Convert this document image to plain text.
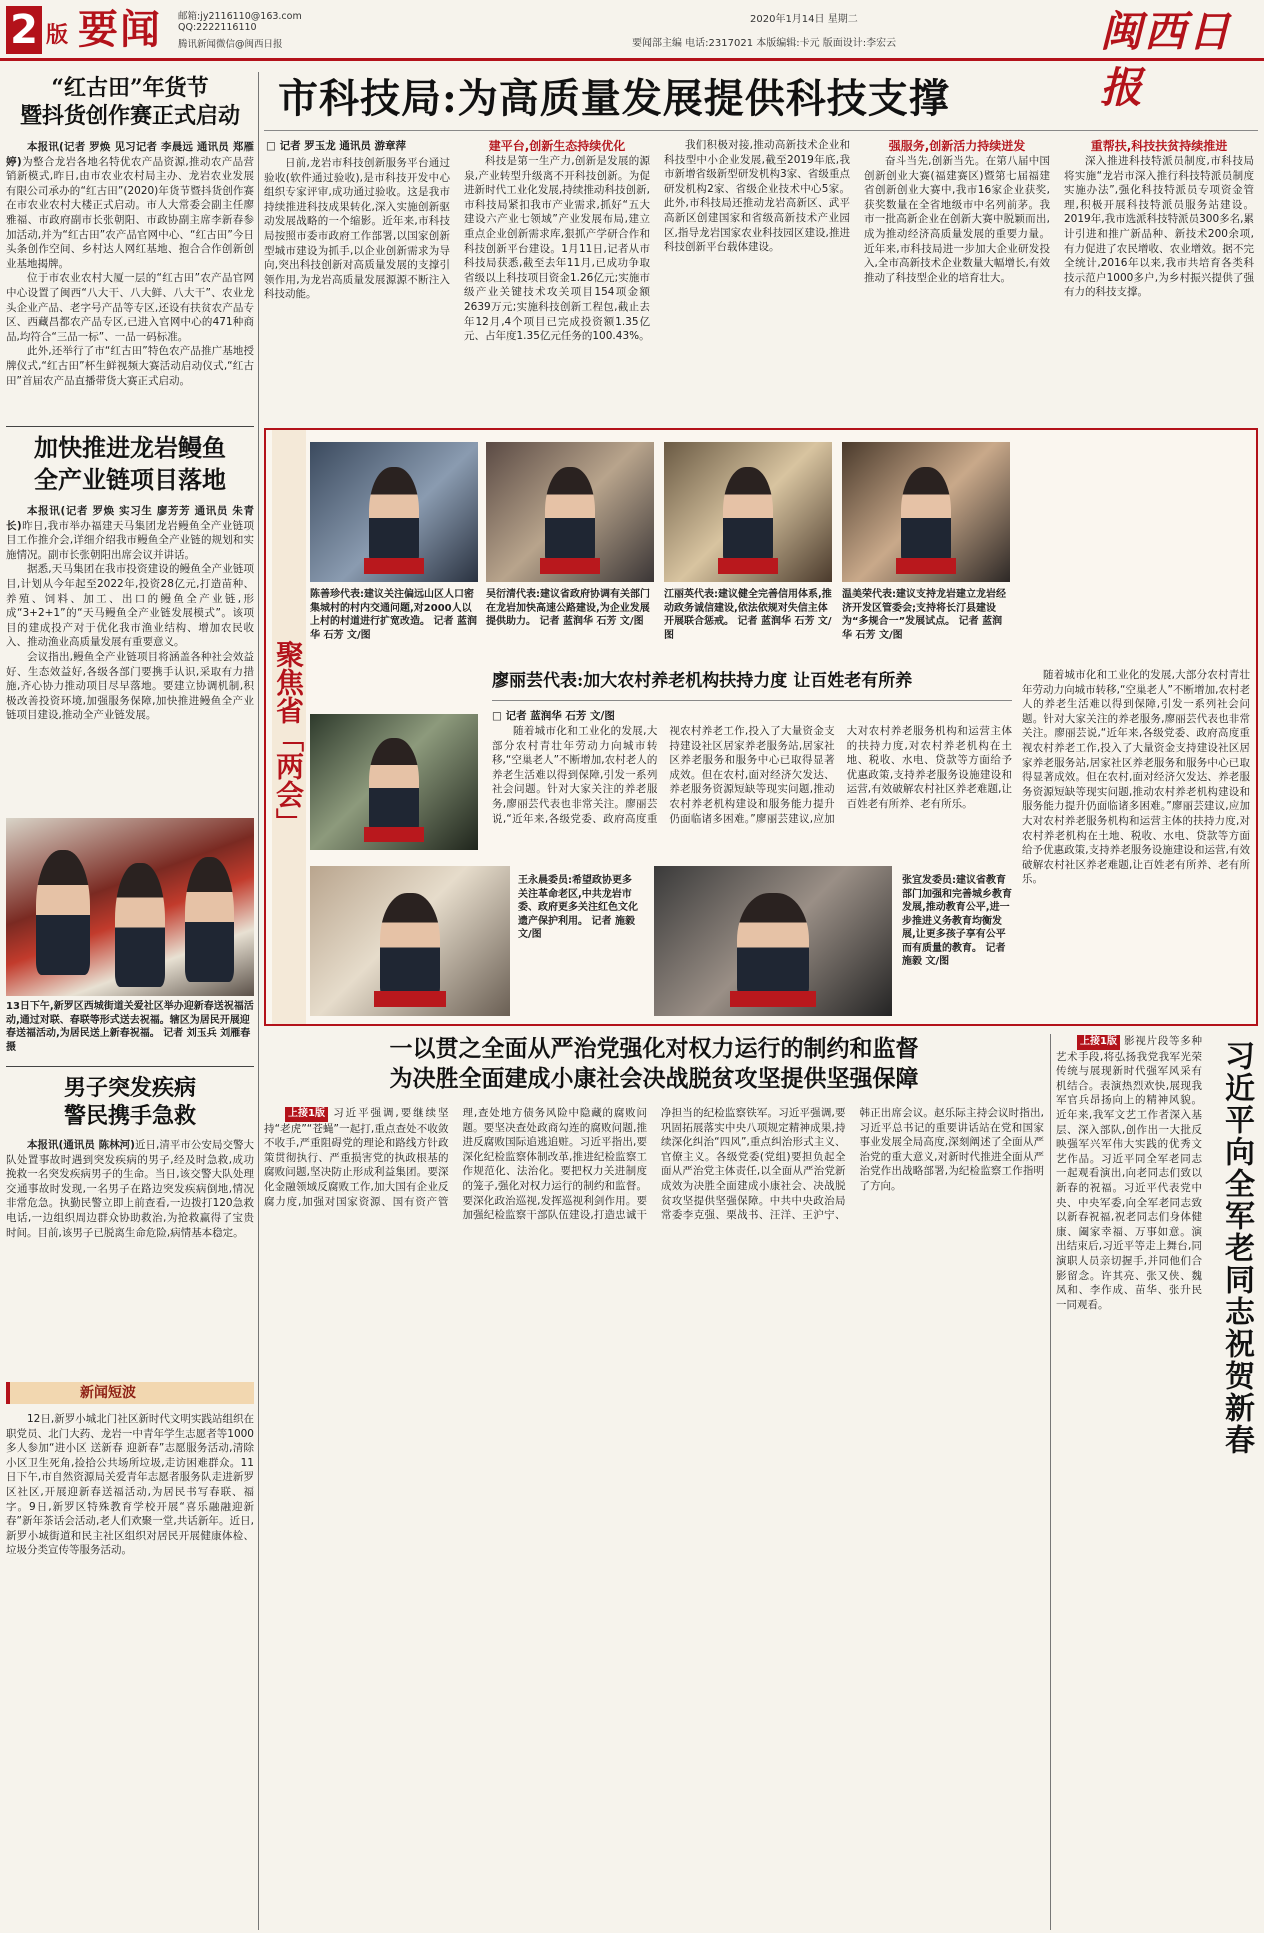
2 版 要闻 邮箱:jy2116110@163.com
QQ:2222116110
腾讯新闻微信@闽西日报
2020年1月14日 星期二
要闻部主编 电话:2317021 本版编辑:卡元 版面设计:李宏云	闽西日报
“红古田”年货节
暨抖货创作赛正式启动
本报讯(记者 罗焕 见习记者 李晨远 通讯员 郑雁婷)为整合龙岩各地名特优农产品资源,推动农产品营销新模式,昨日,由市农业农村局主办、龙岩农业发展有限公司承办的“红古田”(2020)年货节暨抖货创作赛在市农业农村大楼正式启动。市人大常委会副主任廖雅福、市政府副市长张朝阳、市政协副主席李新春参加活动,并为“红古田”农产品官网中心、“红古田”今日头条创作空间、乡村达人网红基地、抱合合作创新创业基地揭牌。

位于市农业农村大厦一层的“红古田”农产品官网中心设置了闽西“八大干、八大鲜、八大干”、农业龙头企业产品、老字号产品等专区,还设有扶贫农产品专区、西藏昌都农产品专区,已进入官网中心的471种商品,均符合“三品一标”、一品一码标准。

此外,还举行了市“红古田”特色农产品推广基地授牌仪式,“红古田”杯生鲜视频大赛活动启动仪式,“红古田”首届农产品直播带货大赛正式启动。

加快推进龙岩鳗鱼
全产业链项目落地
本报讯(记者 罗焕 实习生 廖芳芳 通讯员 朱青长)昨日,我市举办福建天马集团龙岩鳗鱼全产业链项目工作推介会,详细介绍我市鳗鱼全产业链的规划和实施情况。副市长张朝阳出席会议并讲话。

据悉,天马集团在我市投资建设的鳗鱼全产业链项目,计划从今年起至2022年,投资28亿元,打造苗种、养殖、饲料、加工、出口的鳗鱼全产业链,形成“3+2+1”的“天马鳗鱼全产业链发展模式”。该项目的建成投产对于优化我市渔业结构、增加农民收入、推动渔业高质量发展有重要意义。

会议指出,鳗鱼全产业链项目将涵盖各种社会效益好、生态效益好,各级各部门要携手认识,采取有力措施,齐心协力推动项目尽早落地。要建立协调机制,积极改善投资环境,加强服务保障,加快推进鳗鱼全产业链项目建设,推动全产业链发展。

13日下午,新罗区西城街道关爱社区举办迎新春送祝福活动,通过对联、春联等形式送去祝福。辖区为居民开展迎春送福活动,为居民送上新春祝福。 记者 刘玉兵 刘雁春 摄
男子突发疾病
警民携手急救
本报讯(通讯员 陈林河)近日,清平市公安局交警大队处置事故时遇到突发疾病的男子,经及时急救,成功挽救一名突发疾病男子的生命。当日,该交警大队处理交通事故时发现,一名男子在路边突发疾病倒地,情况非常危急。执勤民警立即上前查看,一边拨打120急救电话,一边组织周边群众协助救治,为抢救赢得了宝贵时间。目前,该男子已脱离生命危险,病情基本稳定。
新闻短波
12日,新罗小城北门社区新时代文明实践站组织在职党员、北门大药、龙岩一中青年学生志愿者等1000多人参加“进小区 送新春 迎新春”志愿服务活动,清除小区卫生死角,捡拾公共场所垃圾,走访困难群众。11日下午,市自然资源局关爱青年志愿者服务队走进新罗区社区,开展迎新春送福活动,为居民书写春联、福字。9日,新罗区特殊教育学校开展“喜乐融融迎新春”新年茶话会活动,老人们欢聚一堂,共话新年。近日,新罗小城街道和民主社区组织对居民开展健康体检、垃圾分类宣传等服务活动。
市科技局:为高质量发展提供科技支撑
□ 记者 罗玉龙 通讯员 游章萍

日前,龙岩市科技创新服务平台通过验收(软件通过验收),是市科技开发中心组织专家评审,成功通过验收。这是我市持续推进科技成果转化,深入实施创新驱动发展战略的一个缩影。近年来,市科技局按照市委市政府工作部署,以国家创新型城市建设为抓手,以企业创新需求为导向,突出科技创新对高质量发展的支撑引领作用,为龙岩高质量发展源源不断注入科技动能。

建平台,创新生态持续优化

科技是第一生产力,创新是发展的源泉,产业转型升级离不开科技创新。为促进新时代工业化发展,持续推动科技创新,市科技局紧扣我市产业需求,抓好“五大建设六产业七领域”产业发展布局,建立重点企业创新需求库,狠抓产学研合作和科技创新平台建设。1月11日,记者从市科技局获悉,截至去年11月,已成功争取省级以上科技项目资金1.26亿元;实施市级产业关键技术攻关项目154项金额2639万元;实施科技创新工程包,截止去年12月,4个项目已完成投资额1.35亿元、占年度1.35亿元任务的100.43%。

我们积极对接,推动高新技术企业和科技型中小企业发展,截至2019年底,我市新增省级新型研发机构3家、省级重点研发机构2家、省级企业技术中心5家。此外,市科技局还推动龙岩高新区、武平高新区创建国家和省级高新技术产业园区,指导龙岩国家农业科技园区建设,推进科技创新平台载体建设。

强服务,创新活力持续迸发

奋斗当先,创新当先。在第八届中国创新创业大赛(福建赛区)暨第七届福建省创新创业大赛中,我市16家企业获奖,获奖数量在全省地级市中名列前茅。我市一批高新企业在创新大赛中脱颖而出,成为推动经济高质量发展的重要力量。近年来,市科技局进一步加大企业研发投入,全市高新技术企业数量大幅增长,有效推动了科技型企业的培育壮大。

重帮扶,科技扶贫持续推进

深入推进科技特派员制度,市科技局将实施“龙岩市深入推行科技特派员制度实施办法”,强化科技特派员专项资金管理,积极开展科技特派员服务站建设。2019年,我市选派科技特派员300多名,累计引进和推广新品种、新技术200余项,有力促进了农民增收、农业增效。据不完全统计,2016年以来,我市共培育各类科技示范户1000多户,为乡村振兴提供了强有力的科技支撑。

聚焦省「两会」
陈善珍代表:建议关注偏远山区人口密集城村的村内交通问题,对2000人以上村的村道进行扩宽改造。 记者 蓝润华 石芳 文/图
吴衍清代表:建议省政府协调有关部门在龙岩加快高速公路建设,为企业发展提供助力。 记者 蓝润华 石芳 文/图
江丽英代表:建议健全完善信用体系,推动政务诚信建设,依法依规对失信主体开展联合惩戒。 记者 蓝润华 石芳 文/图
温美荣代表:建议支持龙岩建立龙岩经济开发区管委会;支持将长汀县建设为“多规合一”发展试点。 记者 蓝润华 石芳 文/图
廖丽芸代表:加大农村养老机构扶持力度 让百姓老有所养
□ 记者 蓝润华 石芳 文/图
随着城市化和工业化的发展,大部分农村青壮年劳动力向城市转移,“空巢老人”不断增加,农村老人的养老生活难以得到保障,引发一系列社会问题。针对大家关注的养老服务,廖丽芸代表也非常关注。廖丽芸说,“近年来,各级党委、政府高度重视农村养老工作,投入了大量资金支持建设社区居家养老服务站,居家社区养老服务和服务中心已取得显著成效。但在农村,面对经济欠发达、养老服务资源短缺等现实问题,推动农村养老机构建设和服务能力提升仍面临诸多困难。”廖丽芸建议,应加大对农村养老服务机构和运营主体的扶持力度,对农村养老机构在土地、税收、水电、贷款等方面给予优惠政策,支持养老服务设施建设和运营,有效破解农村社区养老难题,让百姓老有所养、老有所乐。
王永晨委员:希望政协更多关注革命老区,中共龙岩市委、政府更多关注红色文化遗产保护利用。 记者 施毅 文/图
张宜发委员:建议省教育部门加强和完善城乡教育发展,推动教育公平,进一步推进义务教育均衡发展,让更多孩子享有公平而有质量的教育。 记者 施毅 文/图

随着城市化和工业化的发展,大部分农村青壮年劳动力向城市转移,“空巢老人”不断增加,农村老人的养老生活难以得到保障,引发一系列社会问题。针对大家关注的养老服务,廖丽芸代表也非常关注。廖丽芸说,“近年来,各级党委、政府高度重视农村养老工作,投入了大量资金支持建设社区居家养老服务站,居家社区养老服务和服务中心已取得显著成效。但在农村,面对经济欠发达、养老服务资源短缺等现实问题,推动农村养老机构建设和服务能力提升仍面临诸多困难。”廖丽芸建议,应加大对农村养老服务机构和运营主体的扶持力度,对农村养老机构在土地、税收、水电、贷款等方面给予优惠政策,支持养老服务设施建设和运营,有效破解农村社区养老难题,让百姓老有所养、老有所乐。

一以贯之全面从严治党强化对权力运行的制约和监督
为决胜全面建成小康社会决战脱贫攻坚提供坚强保障
上接1版 习近平强调,要继续坚持“老虎”“苍蝇”一起打,重点查处不收敛不收手,严重阻碍党的理论和路线方针政策贯彻执行、严重损害党的执政根基的腐败问题,坚决防止形成利益集团。要深化金融领域反腐败工作,加大国有企业反腐力度,加强对国家资源、国有资产管理,查处地方债务风险中隐藏的腐败问题。要坚决查处政商勾连的腐败问题,推进反腐败国际追逃追赃。习近平指出,要深化纪检监察体制改革,推进纪检监察工作规范化、法治化。要把权力关进制度的笼子,强化对权力运行的制约和监督。要深化政治巡视,发挥巡视利剑作用。要加强纪检监察干部队伍建设,打造忠诚干净担当的纪检监察铁军。习近平强调,要巩固拓展落实中央八项规定精神成果,持续深化纠治“四风”,重点纠治形式主义、官僚主义。各级党委(党组)要担负起全面从严治党主体责任,以全面从严治党新成效为决胜全面建成小康社会、决战脱贫攻坚提供坚强保障。中共中央政治局常委李克强、栗战书、汪洋、王沪宁、韩正出席会议。赵乐际主持会议时指出,习近平总书记的重要讲话站在党和国家事业发展全局高度,深刻阐述了全面从严治党的重大意义,对新时代推进全面从严治党作出战略部署,为纪检监察工作指明了方向。
上接1版 影视片段等多种艺术手段,将弘扬我党我军光荣传统与展现新时代强军风采有机结合。表演热烈欢快,展现我军官兵昂扬向上的精神风貌。近年来,我军文艺工作者深入基层、深入部队,创作出一大批反映强军兴军伟大实践的优秀文艺作品。习近平同全军老同志一起观看演出,向老同志们致以新春的祝福。习近平代表党中央、中央军委,向全军老同志致以新春祝福,祝老同志们身体健康、阖家幸福、万事如意。演出结束后,习近平等走上舞台,同演职人员亲切握手,并同他们合影留念。许其亮、张又侠、魏凤和、李作成、苗华、张升民一同观看。	习近平向全军老同志祝贺新春
